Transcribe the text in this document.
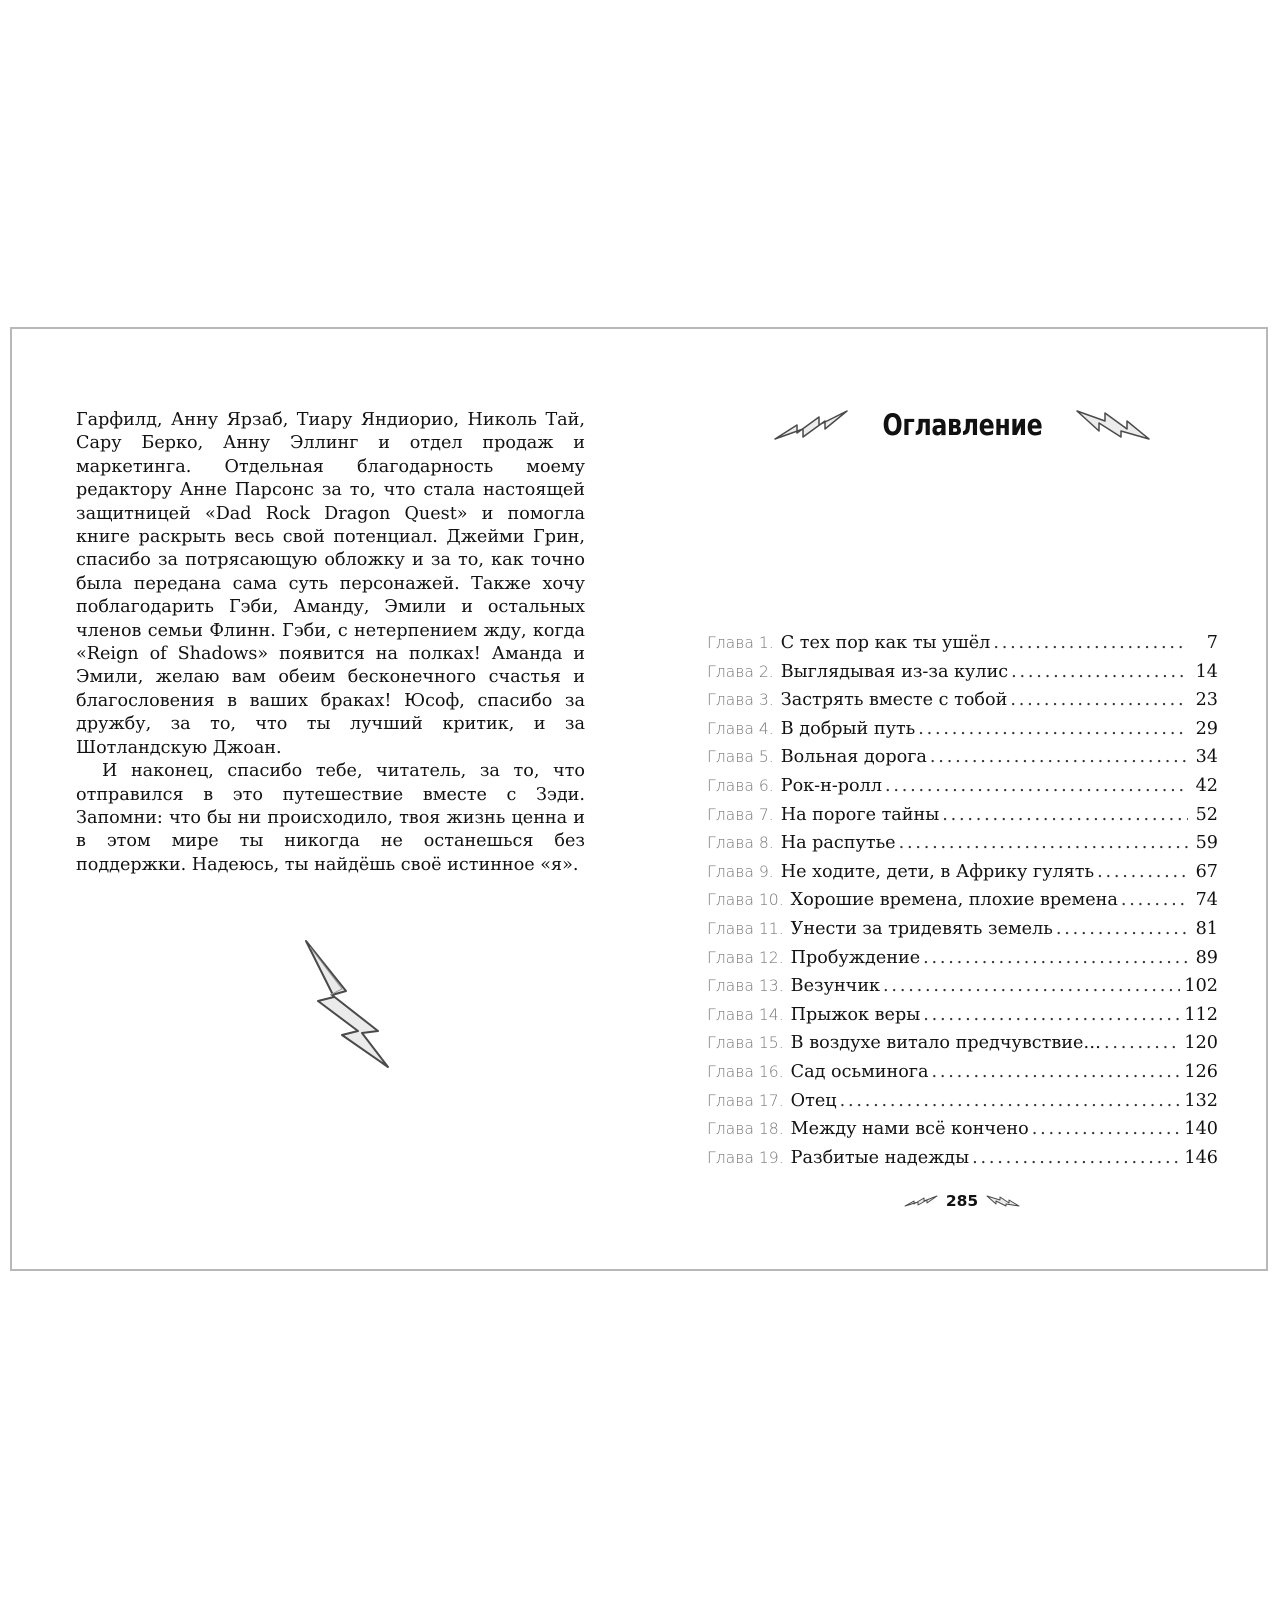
Гарфилд, Анну Ярзаб, Тиару Яндиорио, Николь Тай, Сару Берко, Анну Эллинг и отдел продаж и маркетинга. Отдельная благодарность моему редактору Анне Парсонс за то, что стала настоящей защитницей «Dad Rock Dragon Quest» и помогла книге раскрыть весь свой потенциал. Джейми Грин, спасибо за потрясающую обложку и за то, как точно была передана сама суть персонажей. Также хочу поблагодарить Гэби, Аманду, Эмили и остальных членов семьи Флинн. Гэби, с нетерпением жду, когда «Reign of Shadows» появится на полках! Аманда и Эмили, желаю вам обеим бесконечного счастья и благословения в ваших браках! Юсоф, спасибо за дружбу, за то, что ты лучший критик, и за Шотландскую Джоан.

И наконец, спасибо тебе, читатель, за то, что отправился в это путешествие вместе с Зэди. Запомни: что бы ни происходило, твоя жизнь ценна и в этом мире ты никогда не останешься без поддержки. Надеюсь, ты найдёшь своё истинное «я».

Оглавление
Глава 1. С тех пор как ты ушёл . . .	7
Глава 2. Выглядывая из-за кулис . . .	14
Глава 3. Застрять вместе с тобой . . .	23
Глава 4. В добрый путь . . .	29
Глава 5. Вольная дорога . . .	34
Глава 6. Рок-н-ролл . . .	42
Глава 7. На пороге тайны . . .	52
Глава 8. На распутье . . .	59
Глава 9. Не ходите, дети, в Африку гулять . . .	67
Глава 10. Хорошие времена, плохие времена . . .	74
Глава 11. Унести за тридевять земель . . .	81
Глава 12. Пробуждение . . .	89
Глава 13. Везунчик . . .	102
Глава 14. Прыжок веры . . .	112
Глава 15. В воздухе витало предчувствие… . . .	120
Глава 16. Сад осьминога . . .	126
Глава 17. Отец . . .	132
Глава 18. Между нами всё кончено . . .	140
Глава 19. Разбитые надежды . . .	146
285
